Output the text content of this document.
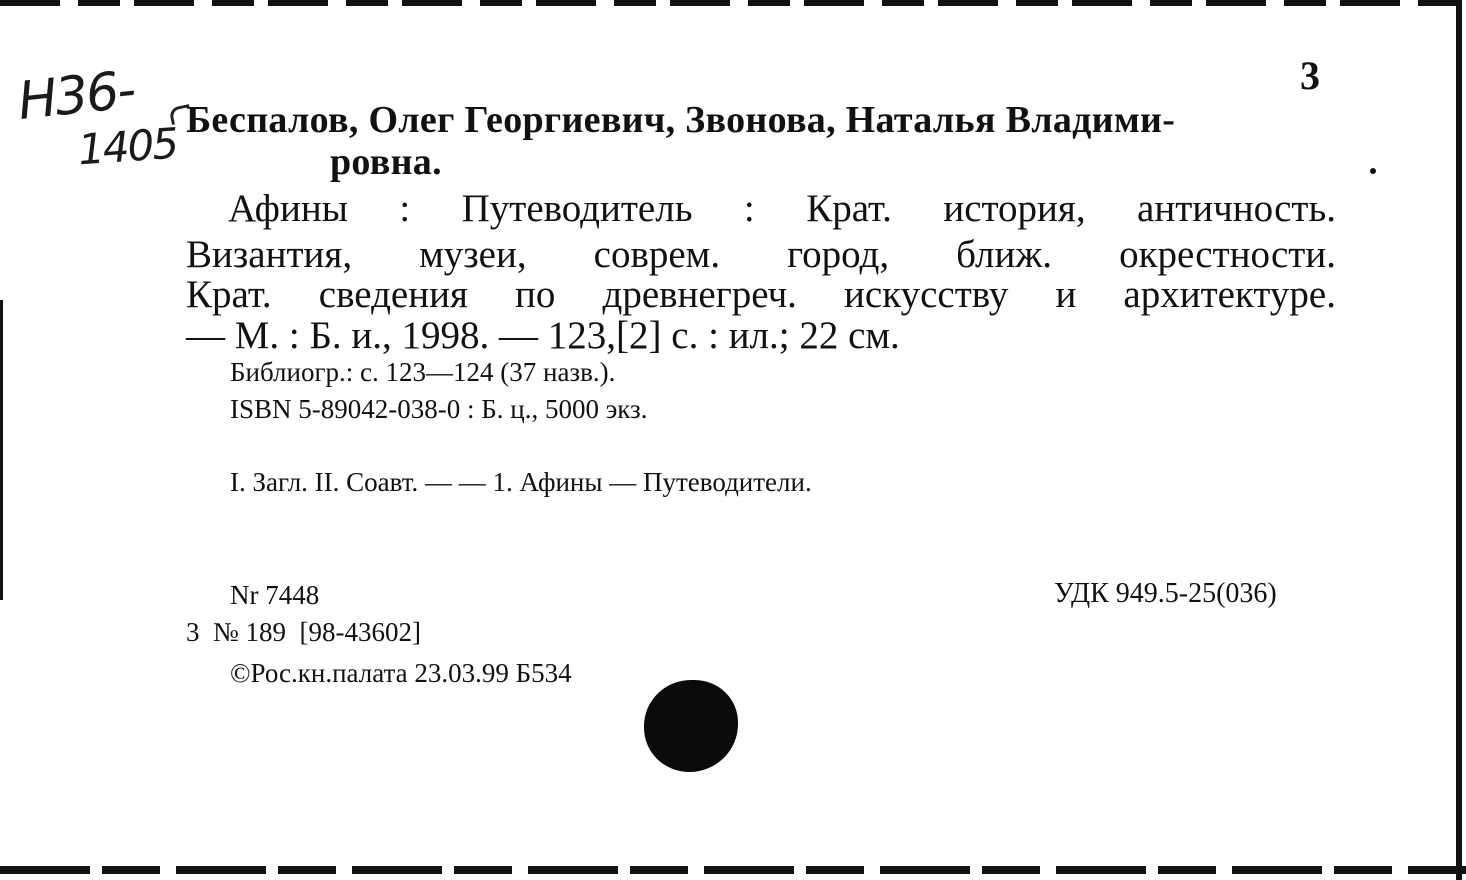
Н36-
1405
3
Беспалов, Олег Георгиевич, Звонова, Наталья Владими-
ровна.
Афины : Путеводитель : Крат. история, античность.
Византия, музеи, соврем. город, ближ. окрестности.
Крат. сведения по древнегреч. искусству и архитектуре.
— М. : Б. и., 1998. — 123,[2] с. : ил.; 22 см.
Библиогр.: с. 123—124 (37 назв.).
ISBN 5-89042-038-0 : Б. ц., 5000 экз.
I. Загл. II. Соавт. — — 1. Афины — Путеводители.
Nr 7448	УДК 949.5-25(036)
3  № 189  [98-43602]
©Рос.кн.палата 23.03.99 Б534
